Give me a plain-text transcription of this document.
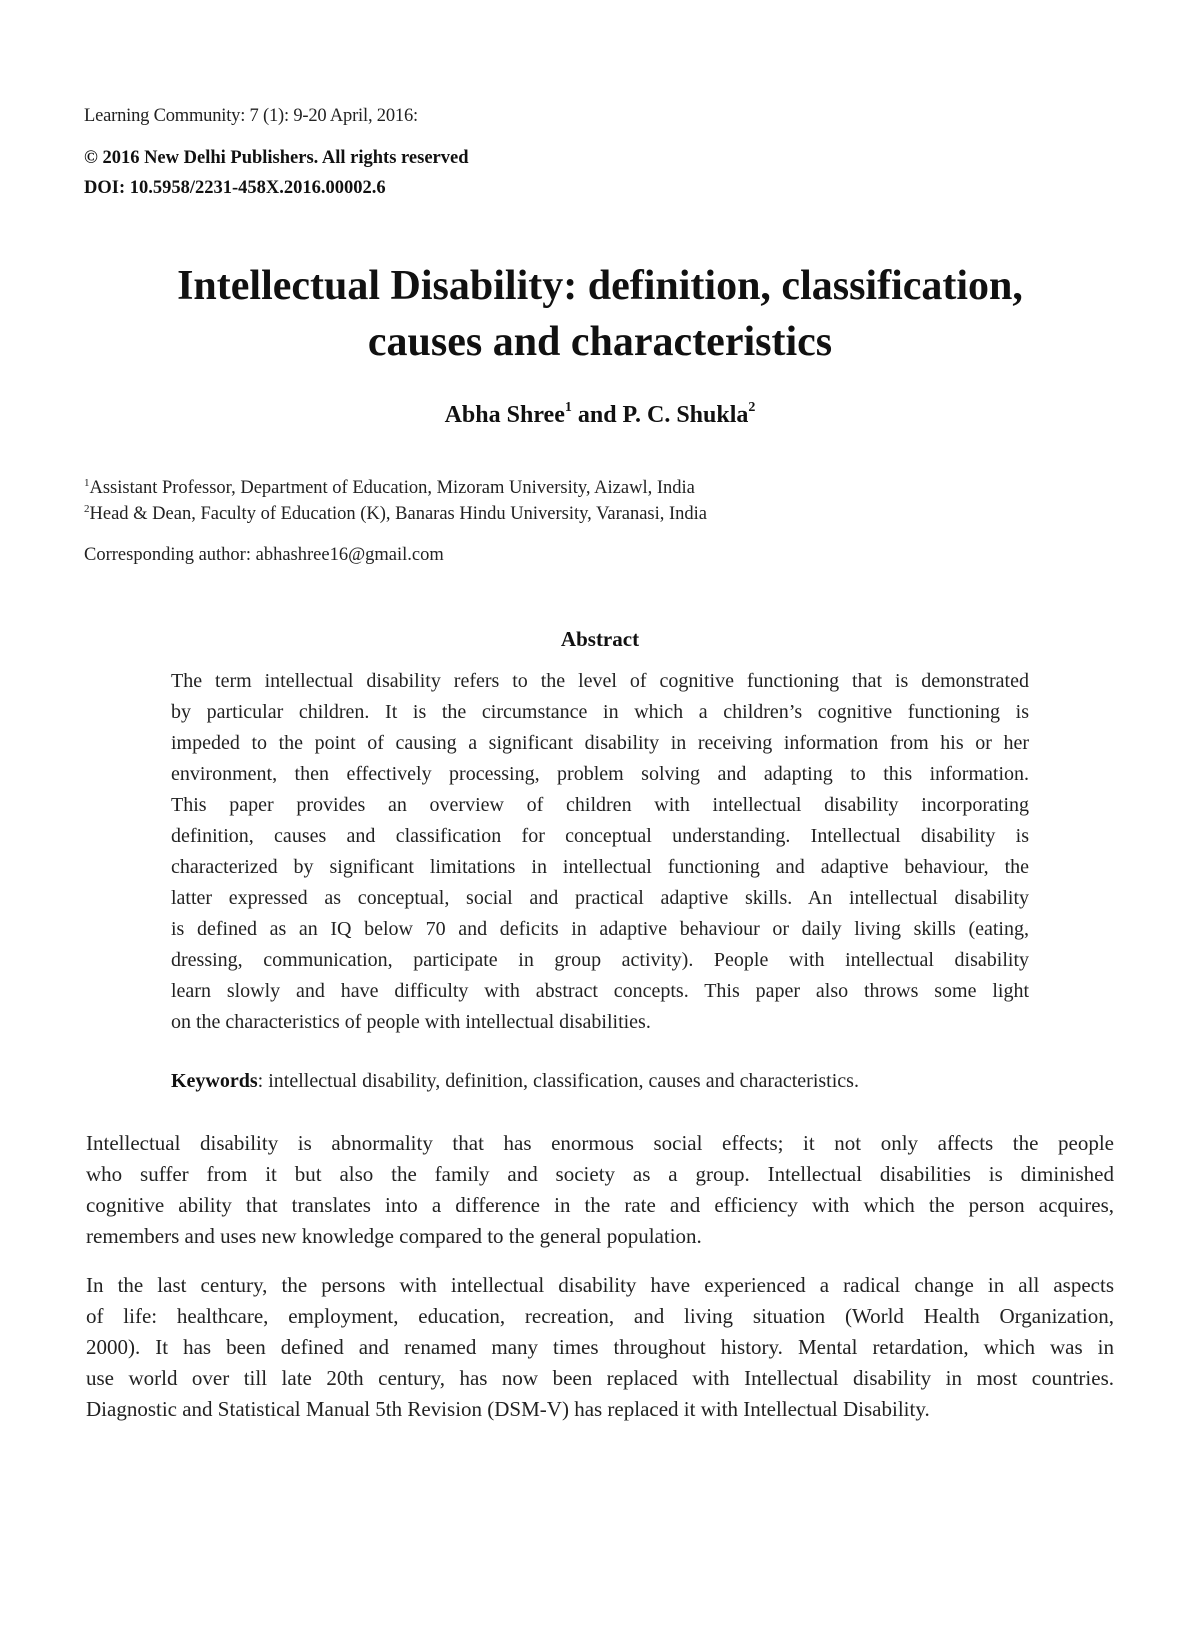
Learning Community: 7 (1): 9-20 April, 2016:
© 2016 New Delhi Publishers. All rights reserved
DOI: 10.5958/2231-458X.2016.00002.6
Intellectual Disability: definition, classification,
causes and characteristics
Abha Shree$^1$ and P. C. Shukla$^2$
$^1$Assistant Professor, Department of Education, Mizoram University, Aizawl, India
$^2$Head & Dean, Faculty of Education (K), Banaras Hindu University, Varanasi, India
Corresponding author: abhashree16@gmail.com
Abstract
The term intellectual disability refers to the level of cognitive functioning that is demonstrated
by particular children. It is the circumstance in which a children’s cognitive functioning is
impeded to the point of causing a significant disability in receiving information from his or her
environment, then effectively processing, problem solving and adapting to this information.
This paper provides an overview of children with intellectual disability incorporating
definition, causes and classification for conceptual understanding. Intellectual disability is
characterized by significant limitations in intellectual functioning and adaptive behaviour, the
latter expressed as conceptual, social and practical adaptive skills. An intellectual disability
is defined as an IQ below 70 and deficits in adaptive behaviour or daily living skills (eating,
dressing, communication, participate in group activity). People with intellectual disability
learn slowly and have difficulty with abstract concepts. This paper also throws some light
on the characteristics of people with intellectual disabilities.
Keywords: intellectual disability, definition, classification, causes and characteristics.
Intellectual disability is abnormality that has enormous social effects; it not only affects the people
who suffer from it but also the family and society as a group. Intellectual disabilities is diminished
cognitive ability that translates into a difference in the rate and efficiency with which the person acquires,
remembers and uses new knowledge compared to the general population.
In the last century, the persons with intellectual disability have experienced a radical change in all aspects
of life: healthcare, employment, education, recreation, and living situation (World Health Organization,
2000). It has been defined and renamed many times throughout history. Mental retardation, which was in
use world over till late 20th century, has now been replaced with Intellectual disability in most countries.
Diagnostic and Statistical Manual 5th Revision (DSM-V) has replaced it with Intellectual Disability.
